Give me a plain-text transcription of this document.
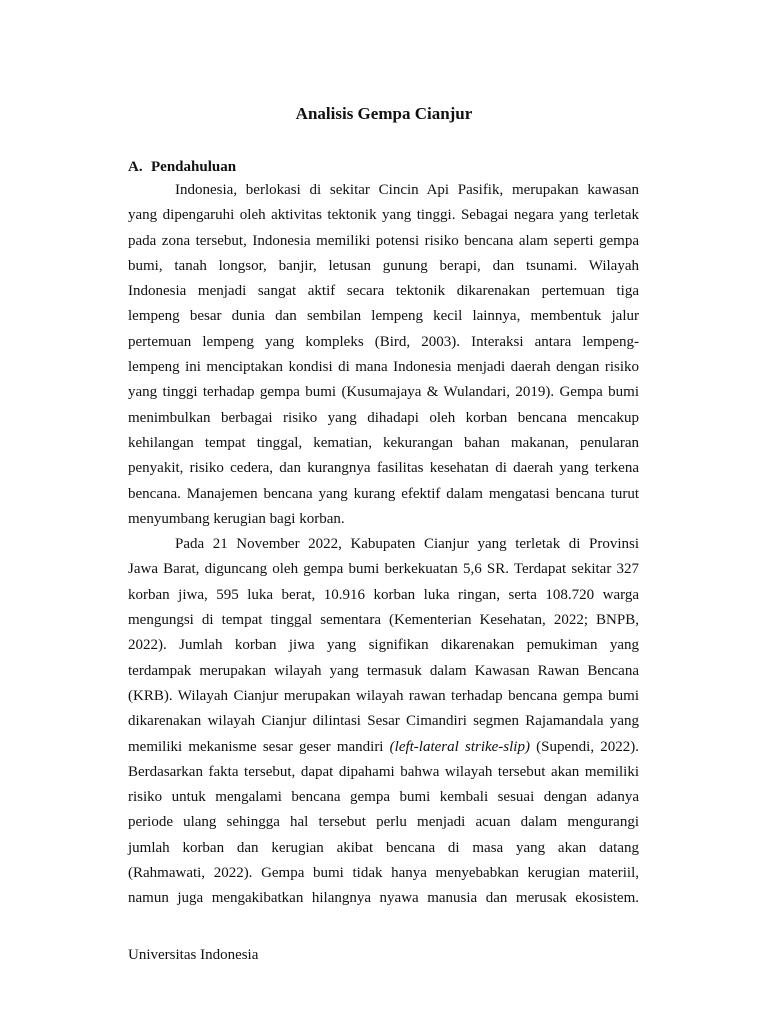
Analisis Gempa Cianjur
A. Pendahuluan
Indonesia, berlokasi di sekitar Cincin Api Pasifik, merupakan kawasan
yang dipengaruhi oleh aktivitas tektonik yang tinggi. Sebagai negara yang terletak
pada zona tersebut, Indonesia memiliki potensi risiko bencana alam seperti gempa
bumi, tanah longsor, banjir, letusan gunung berapi, dan tsunami. Wilayah
Indonesia menjadi sangat aktif secara tektonik dikarenakan pertemuan tiga
lempeng besar dunia dan sembilan lempeng kecil lainnya, membentuk jalur
pertemuan lempeng yang kompleks (Bird, 2003). Interaksi antara lempeng-
lempeng ini menciptakan kondisi di mana Indonesia menjadi daerah dengan risiko
yang tinggi terhadap gempa bumi (Kusumajaya & Wulandari, 2019). Gempa bumi
menimbulkan berbagai risiko yang dihadapi oleh korban bencana mencakup
kehilangan tempat tinggal, kematian, kekurangan bahan makanan, penularan
penyakit, risiko cedera, dan kurangnya fasilitas kesehatan di daerah yang terkena
bencana. Manajemen bencana yang kurang efektif dalam mengatasi bencana turut
menyumbang kerugian bagi korban.
Pada 21 November 2022, Kabupaten Cianjur yang terletak di Provinsi
Jawa Barat, diguncang oleh gempa bumi berkekuatan 5,6 SR. Terdapat sekitar 327
korban jiwa, 595 luka berat, 10.916 korban luka ringan, serta 108.720 warga
mengungsi di tempat tinggal sementara (Kementerian Kesehatan, 2022; BNPB,
2022). Jumlah korban jiwa yang signifikan dikarenakan pemukiman yang
terdampak merupakan wilayah yang termasuk dalam Kawasan Rawan Bencana
(KRB). Wilayah Cianjur merupakan wilayah rawan terhadap bencana gempa bumi
dikarenakan wilayah Cianjur dilintasi Sesar Cimandiri segmen Rajamandala yang
memiliki mekanisme sesar geser mandiri (left-lateral strike-slip) (Supendi, 2022).
Berdasarkan fakta tersebut, dapat dipahami bahwa wilayah tersebut akan memiliki
risiko untuk mengalami bencana gempa bumi kembali sesuai dengan adanya
periode ulang sehingga hal tersebut perlu menjadi acuan dalam mengurangi
jumlah korban dan kerugian akibat bencana di masa yang akan datang
(Rahmawati, 2022). Gempa bumi tidak hanya menyebabkan kerugian materiil,
namun juga mengakibatkan hilangnya nyawa manusia dan merusak ekosistem.
Universitas Indonesia
